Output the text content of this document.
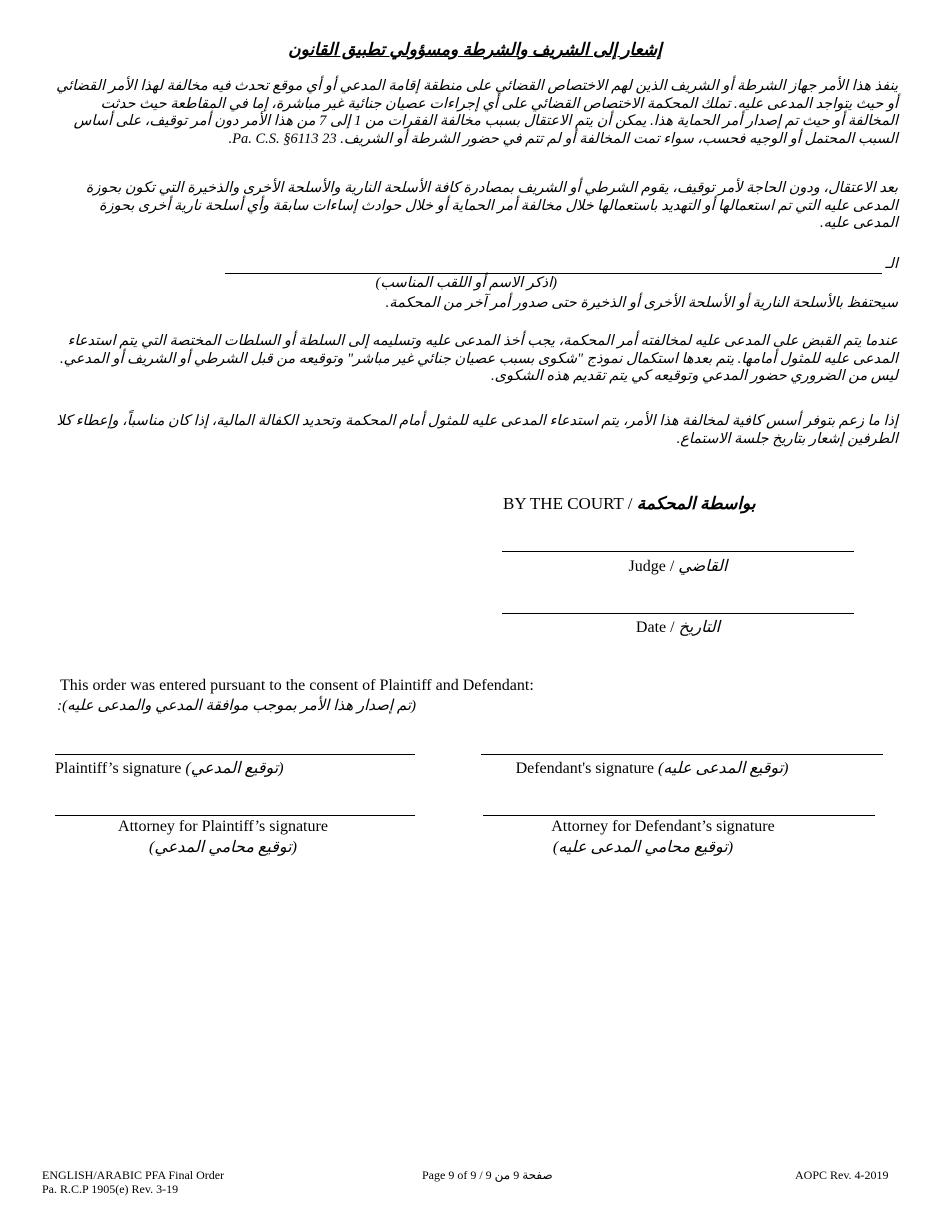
إشعار إلى الشريف والشرطة ومسؤولي تطبيق القانون

ينفذ هذا الأمر جهاز الشرطة أو الشريف الذين لهم الاختصاص القضائي على منطقة إقامة المدعي أو أي موقع تحدث فيه مخالفة لهذا الأمر القضائي أو حيث يتواجد المدعى عليه. تملك المحكمة الاختصاص القضائي على أي إجراءات عصيان جنائية غير مباشرة، إما في المقاطعة حيث حدثت المخالفة أو حيث تم إصدار أمر الحماية هذا. يمكن أن يتم الاعتقال بسبب مخالفة الفقرات من 1 إلى 7 من هذا الأمر دون أمر توقيف، على أساس السبب المحتمل أو الوجيه فحسب، سواء تمت المخالفة أو لم تتم في حضور الشرطة أو الشريف. 23 Pa. C.S. §6113.

بعد الاعتقال، ودون الحاجة لأمر توقيف، يقوم الشرطي أو الشريف بمصادرة كافة الأسلحة النارية والأسلحة الأخرى والذخيرة التي تكون بحوزة المدعى عليه التي تم استعمالها أو التهديد باستعمالها خلال مخالفة أمر الحماية أو خلال حوادث إساءات سابقة وأي أسلحة نارية أخرى بحوزة المدعى عليه.

الـ
(اذكر الاسم أو اللقب المناسب)
سيحتفظ بالأسلحة النارية أو الأسلحة الأخرى أو الذخيرة حتى صدور أمر آخر من المحكمة.

عندما يتم القبض على المدعى عليه لمخالفته أمر المحكمة، يجب أخذ المدعى عليه وتسليمه إلى السلطة أو السلطات المختصة التي يتم استدعاء المدعى عليه للمثول أمامها. يتم بعدها استكمال نموذج "شكوى بسبب عصيان جنائي غير مباشر" وتوقيعه من قبل الشرطي أو الشريف أو المدعي. ليس من الضروري حضور المدعي وتوقيعه كي يتم تقديم هذه الشكوى.

إذا ما زعم بتوفر أسس كافية لمخالفة هذا الأمر، يتم استدعاء المدعى عليه للمثول أمام المحكمة وتحديد الكفالة المالية، إذا كان مناسباً، وإعطاء كلا الطرفين إشعار بتاريخ جلسة الاستماع.

BY THE COURT / بواسطة المحكمة
Judge / القاضي
Date / التاريخ
This order was entered pursuant to the consent of Plaintiff and Defendant:
(تم إصدار هذا الأمر بموجب موافقة المدعي والمدعى عليه):
Plaintiff’s signature (توقيع المدعي)	Defendant's signature (توقيع المدعى عليه)
Attorney for Plaintiff’s signature
(توقيع محامي المدعي)
Attorney for Defendant’s signature
(توقيع محامي المدعى عليه)
ENGLISH/ARABIC PFA Final Order
Pa. R.C.P 1905(e) Rev. 3-19
Page 9 of 9 / 9 صفحة 9 من	AOPC Rev. 4-2019
